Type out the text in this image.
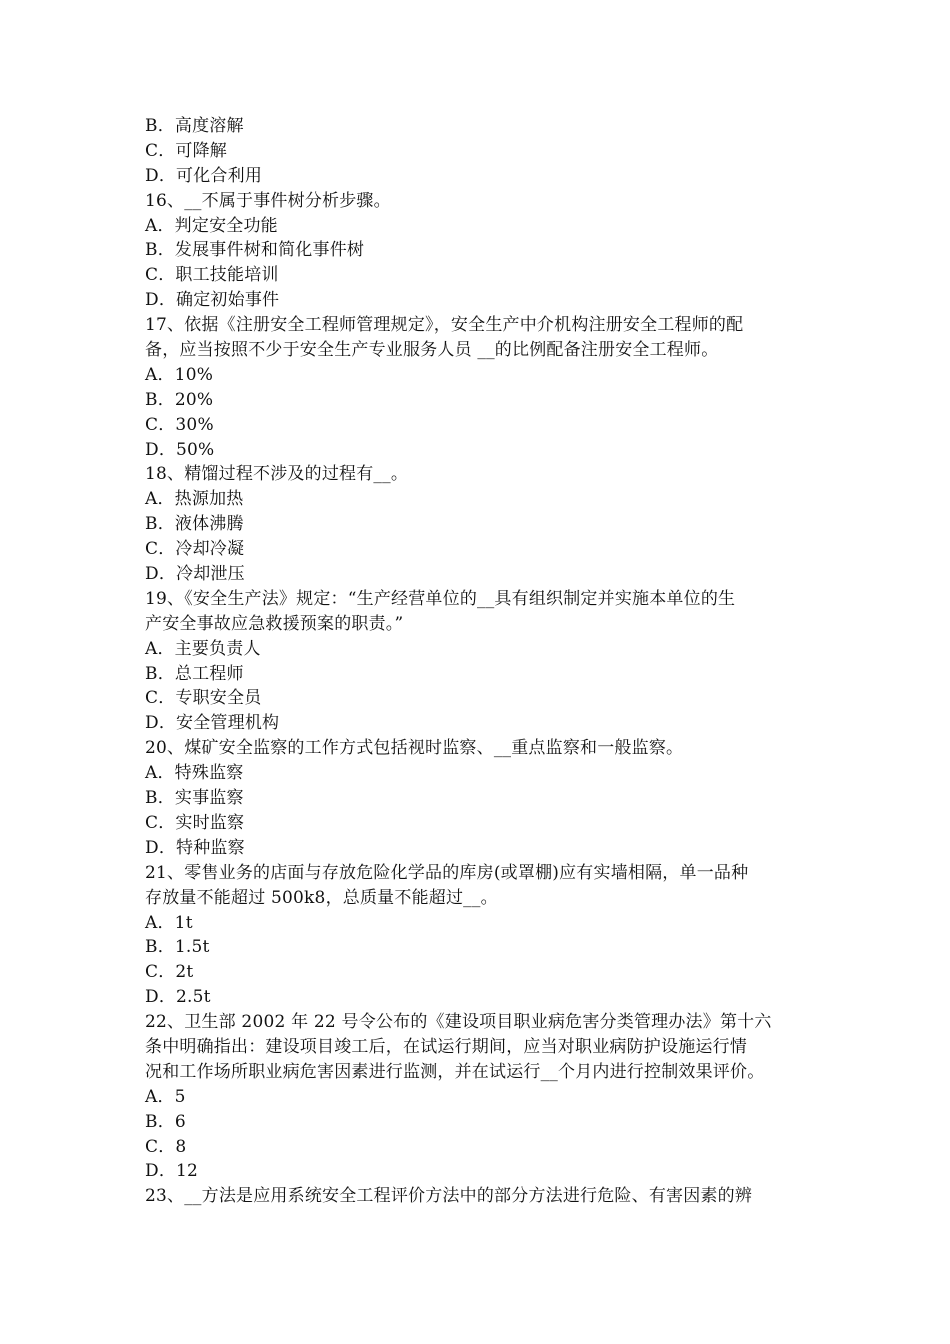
B．高度溶解
C．可降解
D．可化合利用
16、__不属于事件树分析步骤。
A．判定安全功能
B．发展事件树和简化事件树
C．职工技能培训
D．确定初始事件
17、依据《注册安全工程师管理规定》，安全生产中介机构注册安全工程师的配
备，应当按照不少于安全生产专业服务人员 __的比例配备注册安全工程师。
A．10%
B．20%
C．30%
D．50%
18、精馏过程不涉及的过程有__。
A．热源加热
B．液体沸腾
C．冷却冷凝
D．冷却泄压
19、《安全生产法》规定：“生产经营单位的__具有组织制定并实施本单位的生
产安全事故应急救援预案的职责。”
A．主要负责人
B．总工程师
C．专职安全员
D．安全管理机构
20、煤矿安全监察的工作方式包括视时监察、__重点监察和一般监察。
A．特殊监察
B．实事监察
C．实时监察
D．特种监察
21、零售业务的店面与存放危险化学品的库房(或罩棚)应有实墙相隔，单一品种
存放量不能超过 500k8，总质量不能超过__。
A．1t
B．1.5t
C．2t
D．2.5t
22、卫生部 2002 年 22 号令公布的《建设项目职业病危害分类管理办法》第十六
条中明确指出：建设项目竣工后，在试运行期间，应当对职业病防护设施运行情
况和工作场所职业病危害因素进行监测，并在试运行__个月内进行控制效果评价。
A．5
B．6
C．8
D．12
23、__方法是应用系统安全工程评价方法中的部分方法进行危险、有害因素的辨
